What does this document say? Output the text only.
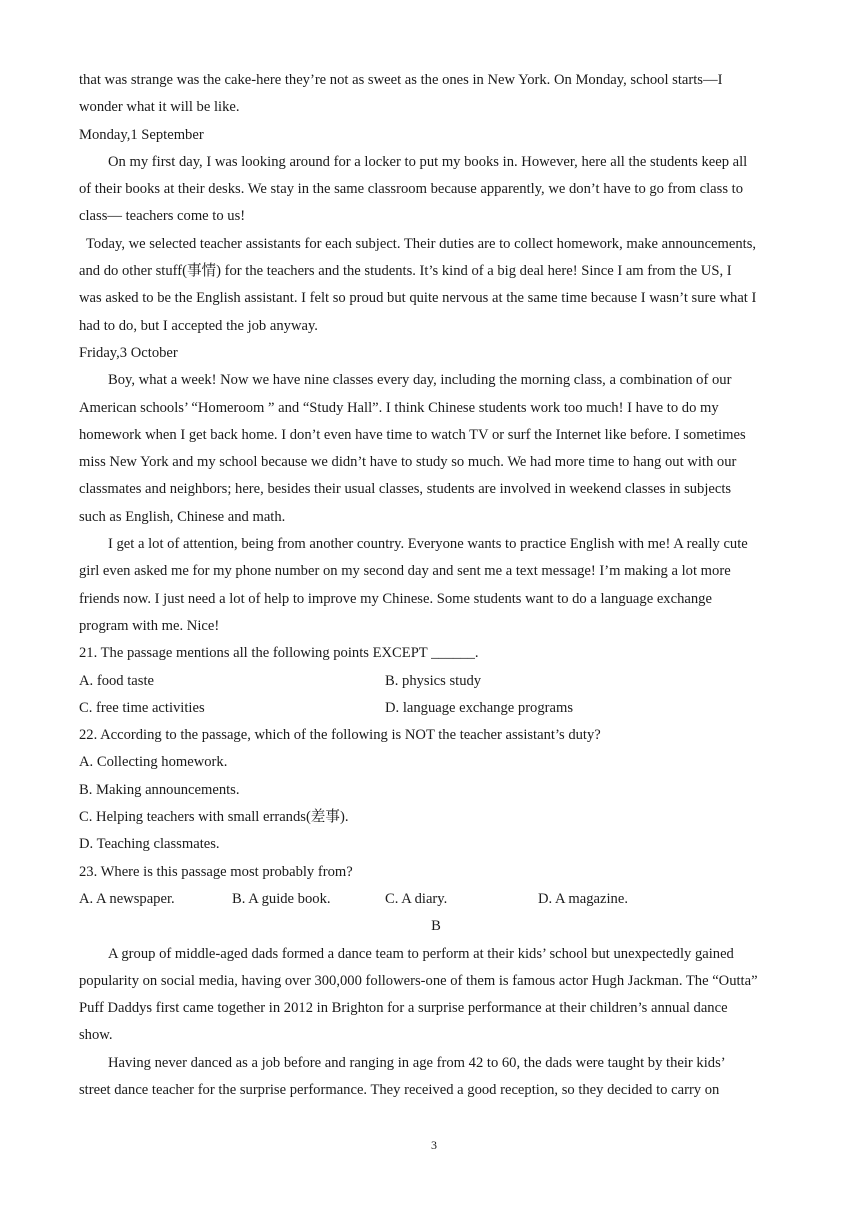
that was strange was the cake-here they’re not as sweet as the ones in New York. On Monday, school starts—I
wonder what it will be like.
Monday,1 September
On my first day, I was looking around for a locker to put my books in. However, here all the students keep all
of their books at their desks. We stay in the same classroom because apparently, we don’t have to go from class to
class— teachers come to us!
Today, we selected teacher assistants for each subject. Their duties are to collect homework, make announcements,
and do other stuff(事情) for the teachers and the students. It’s kind of a big deal here! Since I am from the US, I
was asked to be the English assistant. I felt so proud but quite nervous at the same time because I wasn’t sure what I
had to do, but I accepted the job anyway.
Friday,3 October
Boy, what a week! Now we have nine classes every day, including the morning class, a combination of our
American schools’ “Homeroom ” and “Study Hall”. I think Chinese students work too much! I have to do my
homework when I get back home. I don’t even have time to watch TV or surf the Internet like before. I sometimes
miss New York and my school because we didn’t have to study so much. We had more time to hang out with our
classmates and neighbors; here, besides their usual classes, students are involved in weekend classes in subjects
such as English, Chinese and math.
I get a lot of attention, being from another country. Everyone wants to practice English with me! A really cute
girl even asked me for my phone number on my second day and sent me a text message! I’m making a lot more
friends now. I just need a lot of help to improve my Chinese. Some students want to do a language exchange
program with me. Nice!
21. The passage mentions all the following points EXCEPT ______.
A. food taste	B. physics study
C. free time activities	D. language exchange programs
22. According to the passage, which of the following is NOT the teacher assistant’s duty?
A. Collecting homework.
B. Making announcements.
C. Helping teachers with small errands(差事).
D. Teaching classmates.
23. Where is this passage most probably from?
A. A newspaper.	B. A guide book.	C. A diary.	D. A magazine.
B
A group of middle-aged dads formed a dance team to perform at their kids’ school but unexpectedly gained
popularity on social media, having over 300,000 followers-one of them is famous actor Hugh Jackman. The “Outta”
Puff Daddys first came together in 2012 in Brighton for a surprise performance at their children’s annual dance
show.
Having never danced as a job before and ranging in age from 42 to 60, the dads were taught by their kids’
street dance teacher for the surprise performance. They received a good reception, so they decided to carry on
3
